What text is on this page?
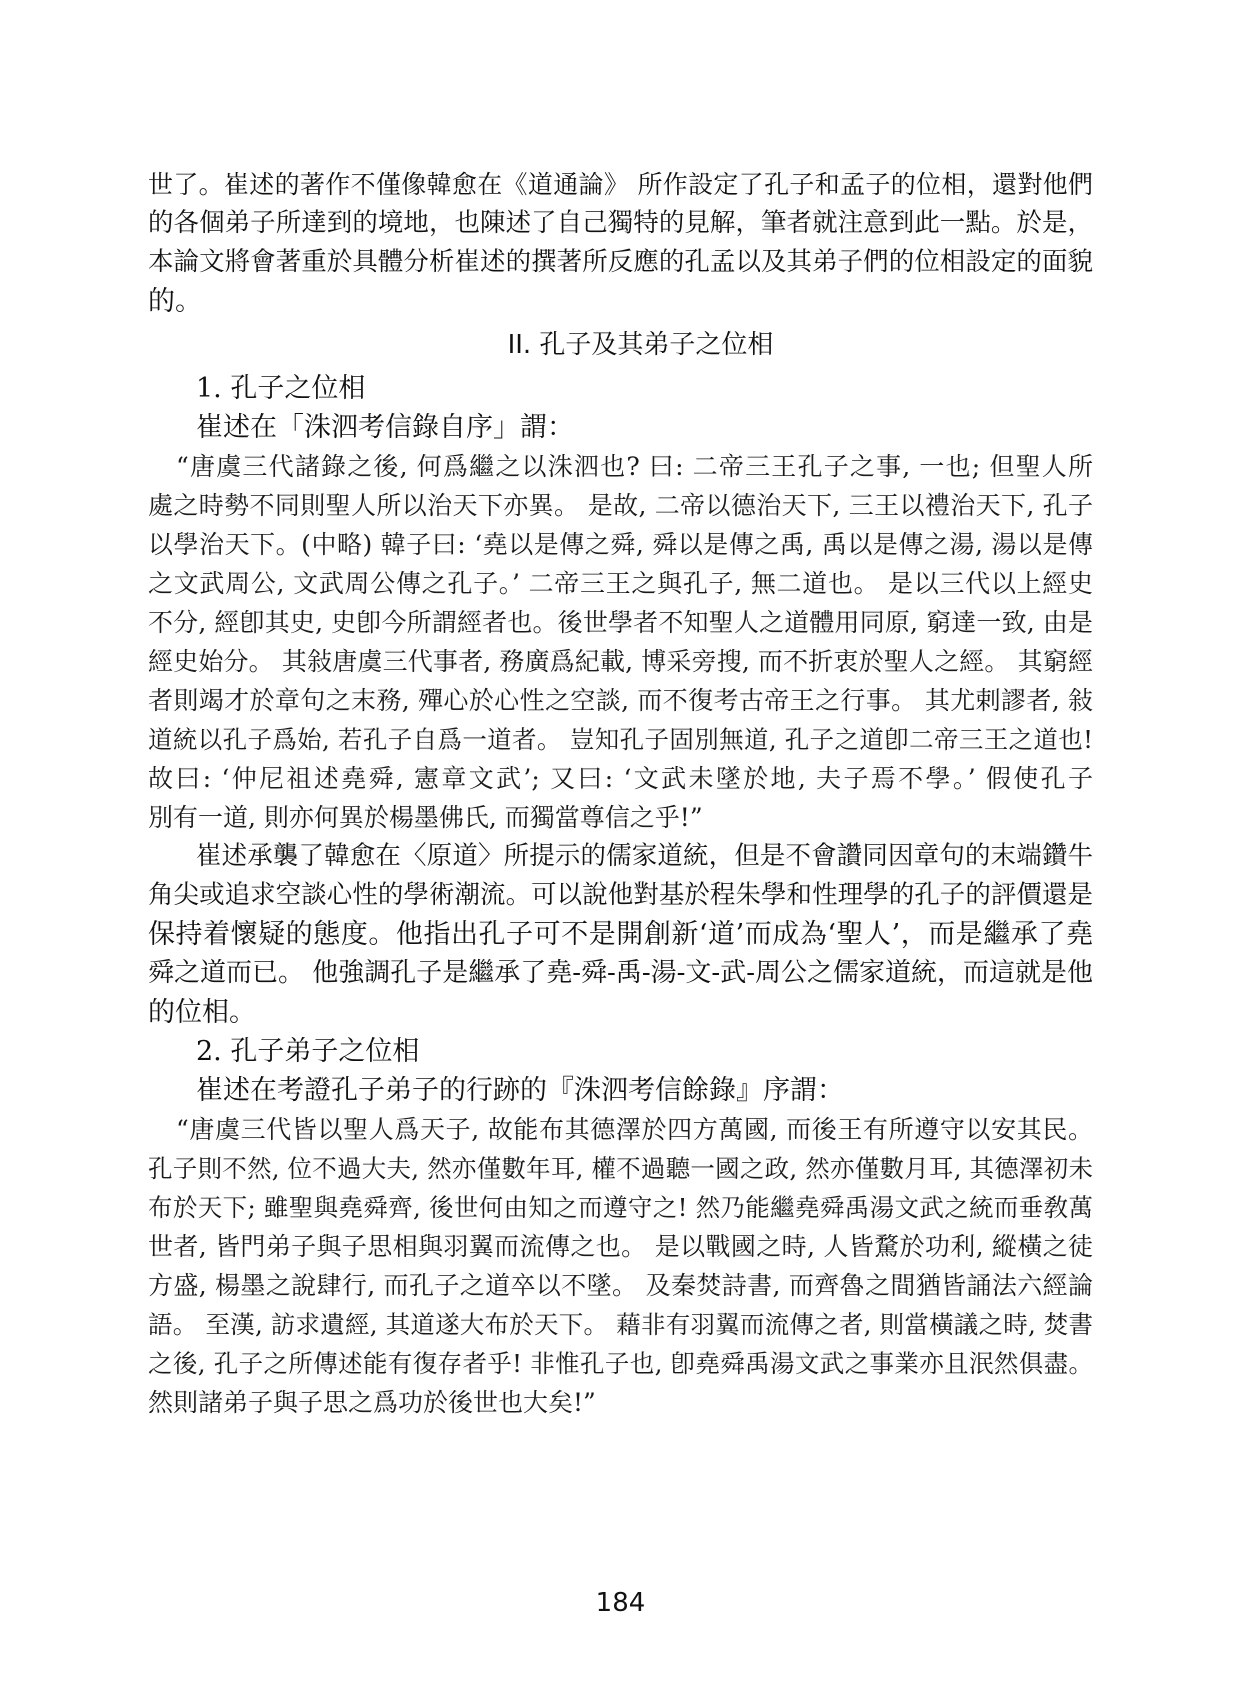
世了。崔述的著作不僅像韓愈在《道通論》 所作設定了孔子和孟子的位相，還對他們
的各個弟子所達到的境地，也陳述了自己獨特的見解，筆者就注意到此一點。於是，
本論文將會著重於具體分析崔述的撰著所反應的孔孟以及其弟子們的位相設定的面貌
的。
II. 孔子及其弟子之位相
1. 孔子之位相
崔述在「洙泗考信錄自序」謂：
“唐虞三代諸錄之後, 何爲繼之以洙泗也? 曰: 二帝三王孔子之事, 一也; 但聖人所
處之時勢不同則聖人所以治天下亦異。 是故, 二帝以德治天下, 三王以禮治天下, 孔子
以學治天下。(中略) 韓子曰: ‘堯以是傳之舜, 舜以是傳之禹, 禹以是傳之湯, 湯以是傳
之文武周公, 文武周公傳之孔子。’ 二帝三王之與孔子, 無二道也。 是以三代以上經史
不分, 經卽其史, 史卽今所謂經者也。後世學者不知聖人之道體用同原, 窮達一致, 由是
經史始分。 其敍唐虞三代事者, 務廣爲紀載, 博采旁搜, 而不折衷於聖人之經。 其窮經
者則竭才於章句之末務, 殫心於心性之空談, 而不復考古帝王之行事。 其尤剌謬者, 敍
道統以孔子爲始, 若孔子自爲一道者。 豈知孔子固別無道, 孔子之道卽二帝三王之道也!
故曰: ‘仲尼祖述堯舜, 憲章文武’; 又曰: ‘文武未墜於地, 夫子焉不學。’ 假使孔子
別有一道, 則亦何異於楊墨佛氏, 而獨當尊信之乎!”
崔述承襲了韓愈在〈原道〉所提示的儒家道統，但是不會讚同因章句的末端鑽牛
角尖或追求空談心性的學術潮流。可以說他對基於程朱學和性理學的孔子的評價還是
保持着懷疑的態度。他指出孔子可不是開創新‘道’而成為‘聖人’，而是繼承了堯
舜之道而已。 他強調孔子是繼承了堯-舜-禹-湯-文-武-周公之儒家道統，而這就是他
的位相。
2. 孔子弟子之位相
崔述在考證孔子弟子的行跡的『洙泗考信餘錄』序謂：
“唐虞三代皆以聖人爲天子, 故能布其德澤於四方萬國, 而後王有所遵守以安其民。
孔子則不然, 位不過大夫, 然亦僅數年耳, 權不過聽一國之政, 然亦僅數月耳, 其德澤初未
布於天下; 雖聖與堯舜齊, 後世何由知之而遵守之! 然乃能繼堯舜禹湯文武之統而垂敎萬
世者, 皆門弟子與子思相與羽翼而流傳之也。 是以戰國之時, 人皆騖於功利, 縱橫之徒
方盛, 楊墨之說肆行, 而孔子之道卒以不墜。 及秦焚詩書, 而齊魯之間猶皆誦法六經論
語。 至漢, 訪求遺經, 其道遂大布於天下。 藉非有羽翼而流傳之者, 則當橫議之時, 焚書
之後, 孔子之所傳述能有復存者乎! 非惟孔子也, 卽堯舜禹湯文武之事業亦且泯然俱盡。
然則諸弟子與子思之爲功於後世也大矣!”
184
